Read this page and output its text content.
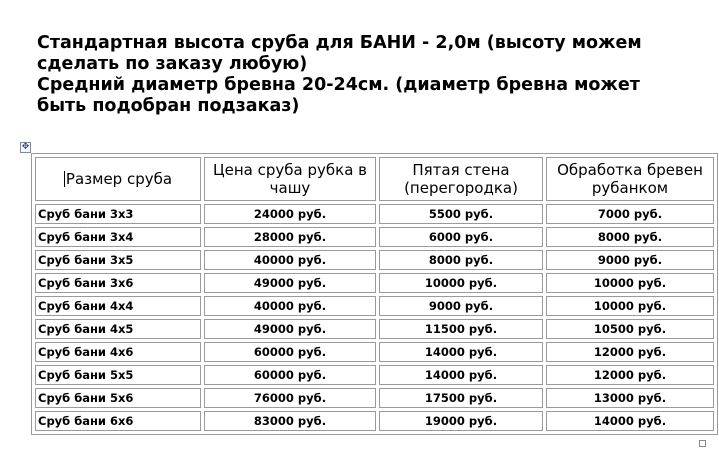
Стандартная высота сруба для БАНИ - 2,0м (высоту можем сделать по заказу любую)

Средний диаметр бревна 20-24см. (диаметр бревна может быть подобран подзаказ)

✥
Размер сруба	Цена сруба рубка в чашу	Пятая стена (перегородка)	Обработка бревен рубанком
Сруб бани 3х3	24000 руб.	5500 руб.	7000 руб.
Сруб бани 3х4	28000 руб.	6000 руб.	8000 руб.
Сруб бани 3х5	40000 руб.	8000 руб.	9000 руб.
Сруб бани 3х6	49000 руб.	10000 руб.	10000 руб.
Сруб бани 4х4	40000 руб.	9000 руб.	10000 руб.
Сруб бани 4х5	49000 руб.	11500 руб.	10500 руб.
Сруб бани 4х6	60000 руб.	14000 руб.	12000 руб.
Сруб бани 5х5	60000 руб.	14000 руб.	12000 руб.
Сруб бани 5х6	76000 руб.	17500 руб.	13000 руб.
Сруб бани 6х6	83000 руб.	19000 руб.	14000 руб.
